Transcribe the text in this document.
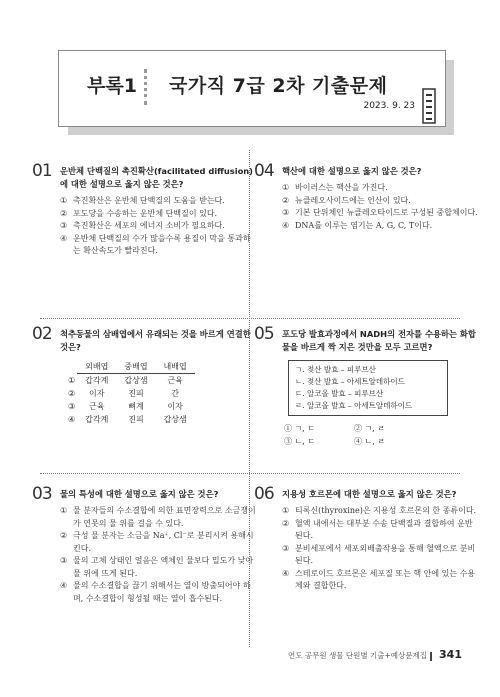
부록1 국가직 7급 2차 기출문제
2023. 9. 23
01 운반체 단백질의 촉진확산(facilitated diffusion)에 대한 설명으로 옳지 않은 것은?
① 촉진확산은 운반체 단백질의 도움을 받는다.
② 포도당을 수송하는 운반체 단백질이 있다.
③ 촉진확산은 세포의 에너지 소비가 필요하다.
④ 운반체 단백질의 수가 많을수록 용질이 막을 통과하는 확산속도가 빨라진다.
04 핵산에 대한 설명으로 옳지 않은 것은?
① 바이러스는 핵산을 가진다.
② 뉴클레오사이드에는 인산이 있다.
③ 기본 단위체인 뉴클레오타이드로 구성된 중합체이다.
④ DNA를 이루는 염기는 A, G, C, T이다.
02 척추동물의 삼배엽에서 유래되는 것을 바르게 연결한 것은?
	외배엽	중배엽	내배엽
①	갑각계	갑상샘	근육
②	이자	진피	간
③	근육	뼈계	이자
④	갑각계	진피	갑상샘
05 포도당 발효과정에서 NADH의 전자를 수용하는 화합물을 바르게 짝 지은 것만을 모두 고르면?
ㄱ. 젖산 발효 – 피루브산
ㄴ. 젖산 발효 – 아세트알데하이드
ㄷ. 알코올 발효 – 피루브산
ㄹ. 알코올 발효 – 아세트알데하이드
① ㄱ, ㄷ	② ㄱ, ㄹ
③ ㄴ, ㄷ	④ ㄴ, ㄹ
03 물의 특성에 대한 설명으로 옳지 않은 것은?
① 물 분자들의 수소결합에 의한 표면장력으로 소금쟁이가 연못의 물 위를 걸을 수 있다.
② 극성 물 분자는 소금을 Na⁺, Cl⁻로 분리시켜 용해시킨다.
③ 물의 고체 상태인 얼음은 액체인 물보다 밀도가 낮아 물 위에 뜨게 된다.
④ 물의 수소결합을 끊기 위해서는 열이 방출되어야 하며, 수소결합이 형성될 때는 열이 흡수된다.
06 지용성 호르몬에 대한 설명으로 옳지 않은 것은?
① 티록신(thyroxine)은 지용성 호르몬의 한 종류이다.
② 혈액 내에서는 대부분 수송 단백질과 결합하여 운반된다.
③ 분비세포에서 세포외배출작용을 통해 혈액으로 분비된다.
④ 스테로이드 호르몬은 세포질 또는 핵 안에 있는 수용체와 결합한다.
연도 공무원 생물 단원별 기출+예상문제집 341
